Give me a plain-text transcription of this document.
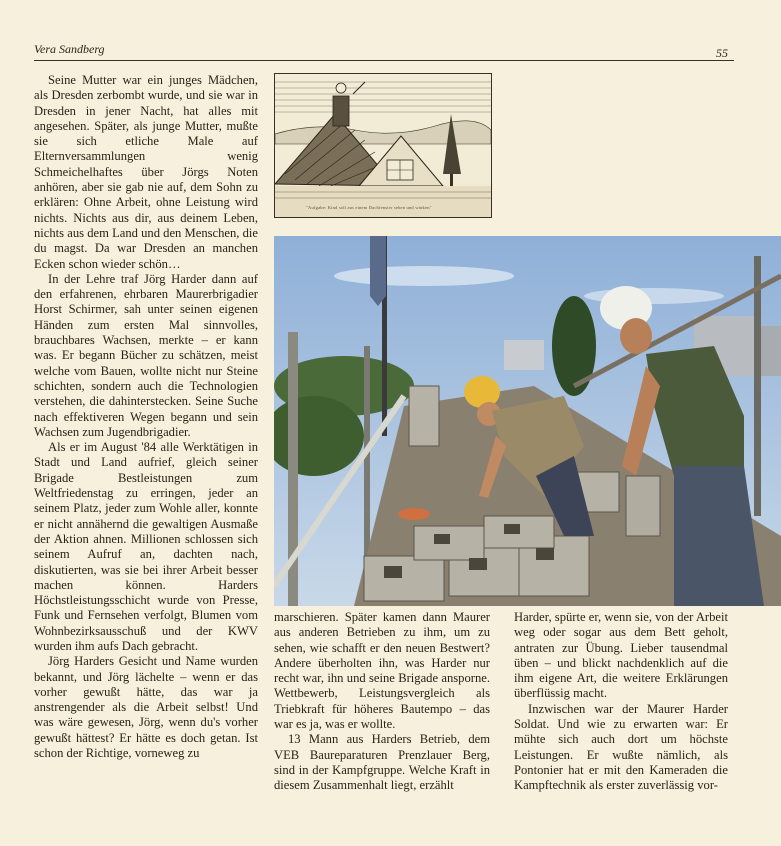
Vera Sandberg	55

Seine Mutter war ein junges Mädchen, als Dresden zerbombt wurde, und sie war in Dresden in jener Nacht, hat alles mit angesehen. Später, als junge Mutter, mußte sie sich etliche Male auf Elternversammlungen wenig Schmeichelhaftes über Jörgs Noten anhören, aber sie gab nie auf, dem Sohn zu erklären: Ohne Arbeit, ohne Leistung wird nichts. Nichts aus dir, aus deinem Leben, nichts aus dem Land und den Menschen, die du magst. Da war Dresden an manchen Ecken schon wieder schön…

In der Lehre traf Jörg Harder dann auf den erfahrenen, ehrbaren Maurerbrigadier Horst Schirmer, sah unter seinen eigenen Händen zum ersten Mal sinnvolles, brauchbares Wachsen, merkte – er kann was. Er begann Bücher zu schätzen, meist welche vom Bauen, wollte nicht nur Steine schichten, sondern auch die Technologien verstehen, die dahinterstecken. Seine Suche nach effektiveren Wegen begann und sein Wachsen zum Jugendbrigadier.

Als er im August '84 alle Werktätigen in Stadt und Land aufrief, gleich seiner Brigade Bestleistungen zum Weltfriedenstag zu erringen, jeder an seinem Platz, jeder zum Wohle aller, konnte er nicht annähernd die gewaltigen Ausmaße der Aktion ahnen. Millionen schlossen sich seinem Aufruf an, dachten nach, diskutierten, was sie bei ihrer Arbeit besser machen können. Harders Höchstleistungsschicht wurde von Presse, Funk und Fernsehen verfolgt, Blumen vom Wohnbezirksausschuß und der KWV wurden ihm aufs Dach gebracht.

Jörg Harders Gesicht und Name wurden bekannt, und Jörg lächelte – wenn er das vorher gewußt hätte, das war ja anstrengender als die Arbeit selbst! Und was wäre gewesen, Jörg, wenn du's vorher gewußt hättest? Er hätte es doch getan. Ist schon der Richtige, vorneweg zu

"Aufgabe: Kind soll aus einem Dachfenster sehen und winken"

marschieren. Später kamen dann Maurer aus anderen Betrieben zu ihm, um zu sehen, wie schafft er den neuen Bestwert? Andere überholten ihn, was Harder nur recht war, ihn und seine Brigade ansporne. Wettbewerb, Leistungsvergleich als Triebkraft für höheres Bautempo – das war es ja, was er wollte.

13 Mann aus Harders Betrieb, dem VEB Baureparaturen Prenzlauer Berg, sind in der Kampfgruppe. Welche Kraft in diesem Zusammenhalt liegt, erzählt

Harder, spürte er, wenn sie, von der Arbeit weg oder sogar aus dem Bett geholt, antraten zur Übung. Lieber tausendmal üben – und blickt nachdenklich auf die ihm eigene Art, die weitere Erklärungen überflüssig macht.

Inzwischen war der Maurer Harder Soldat. Und wie zu erwarten war: Er mühte sich auch dort um höchste Leistungen. Er wußte nämlich, als Pontonier hat er mit den Kameraden die Kampftechnik als erster zuverlässig vor-
